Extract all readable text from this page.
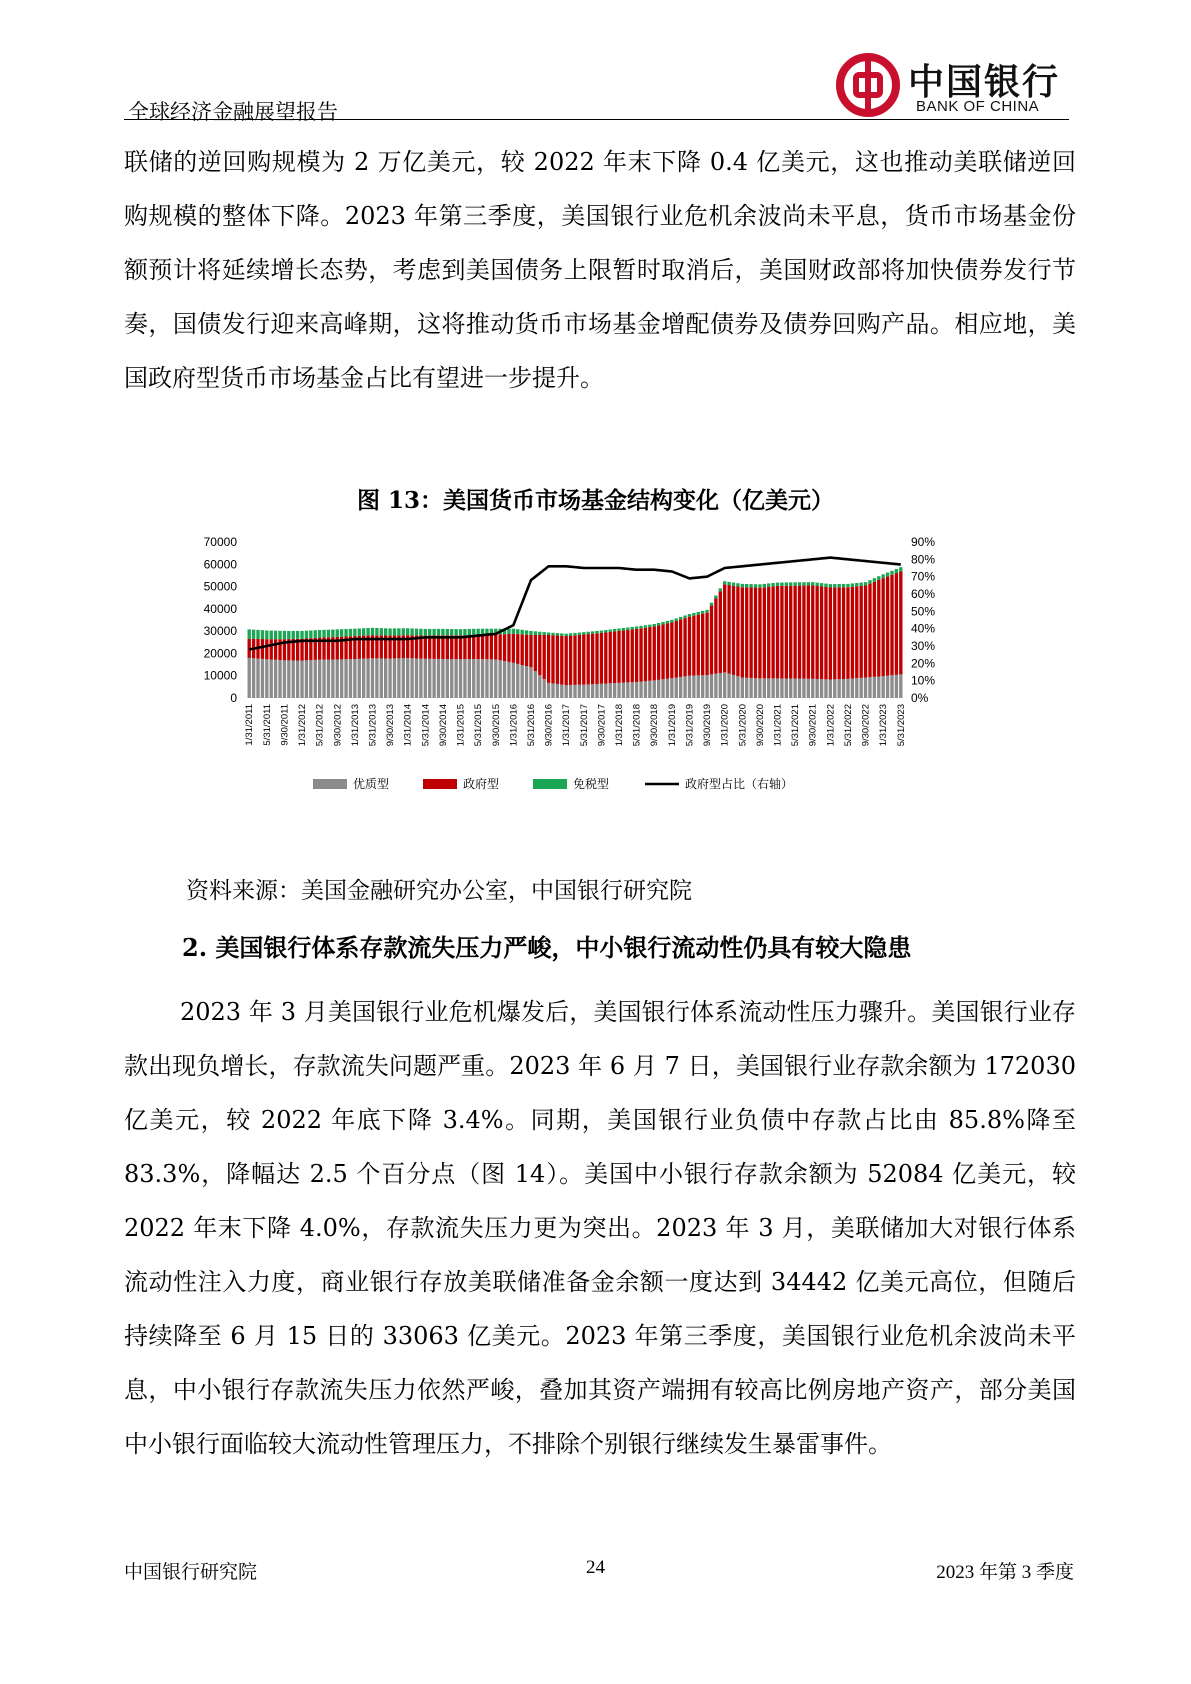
全球经济金融展望报告
中国银行
BANK OF CHINA
联储的逆回购规模为 2 万亿美元，较 2022 年末下降 0.4 亿美元，这也推动美联储逆回购规模的整体下降。2023 年第三季度，美国银行业危机余波尚未平息，货币市场基金份额预计将延续增长态势，考虑到美国债务上限暂时取消后，美国财政部将加快债券发行节奏，国债发行迎来高峰期，这将推动货币市场基金增配债券及债券回购产品。相应地，美国政府型货币市场基金占比有望进一步提升。
图 13：美国货币市场基金结构变化（亿美元）
0
10000
20000
30000
40000
50000
60000
70000
0%
10%
20%
30%
40%
50%
60%
70%
80%
90%
1/31/2011 5/31/2011 9/30/2011 1/31/2012 5/31/2012 9/30/2012 1/31/2013 5/31/2013 9/30/2013 1/31/2014 5/31/2014 9/30/2014 1/31/2015 5/31/2015 9/30/2015 1/31/2016 5/31/2016 9/30/2016 1/31/2017 5/31/2017 9/30/2017 1/31/2018 5/31/2018 9/30/2018 1/31/2019 5/31/2019 9/30/2019 1/31/2020 5/31/2020 9/30/2020 1/31/2021 5/31/2021 9/30/2021 1/31/2022 5/31/2022 9/30/2022 1/31/2023 5/31/2023
优质型	政府型	免税型	政府型占比（右轴）
资料来源：美国金融研究办公室，中国银行研究院
2. 美国银行体系存款流失压力严峻，中小银行流动性仍具有较大隐患
2023 年 3 月美国银行业危机爆发后，美国银行体系流动性压力骤升。美国银行业存款出现负增长，存款流失问题严重。2023 年 6 月 7 日，美国银行业存款余额为 172030 亿美元，较 2022 年底下降 3.4%。同期，美国银行业负债中存款占比由 85.8%降至 83.3%，降幅达 2.5 个百分点（图 14）。美国中小银行存款余额为 52084 亿美元，较 2022 年末下降 4.0%，存款流失压力更为突出。2023 年 3 月，美联储加大对银行体系流动性注入力度，商业银行存放美联储准备金余额一度达到 34442 亿美元高位，但随后持续降至 6 月 15 日的 33063 亿美元。2023 年第三季度，美国银行业危机余波尚未平息，中小银行存款流失压力依然严峻，叠加其资产端拥有较高比例房地产资产，部分美国中小银行面临较大流动性管理压力，不排除个别银行继续发生暴雷事件。
中国银行研究院	24	2023 年第 3 季度
